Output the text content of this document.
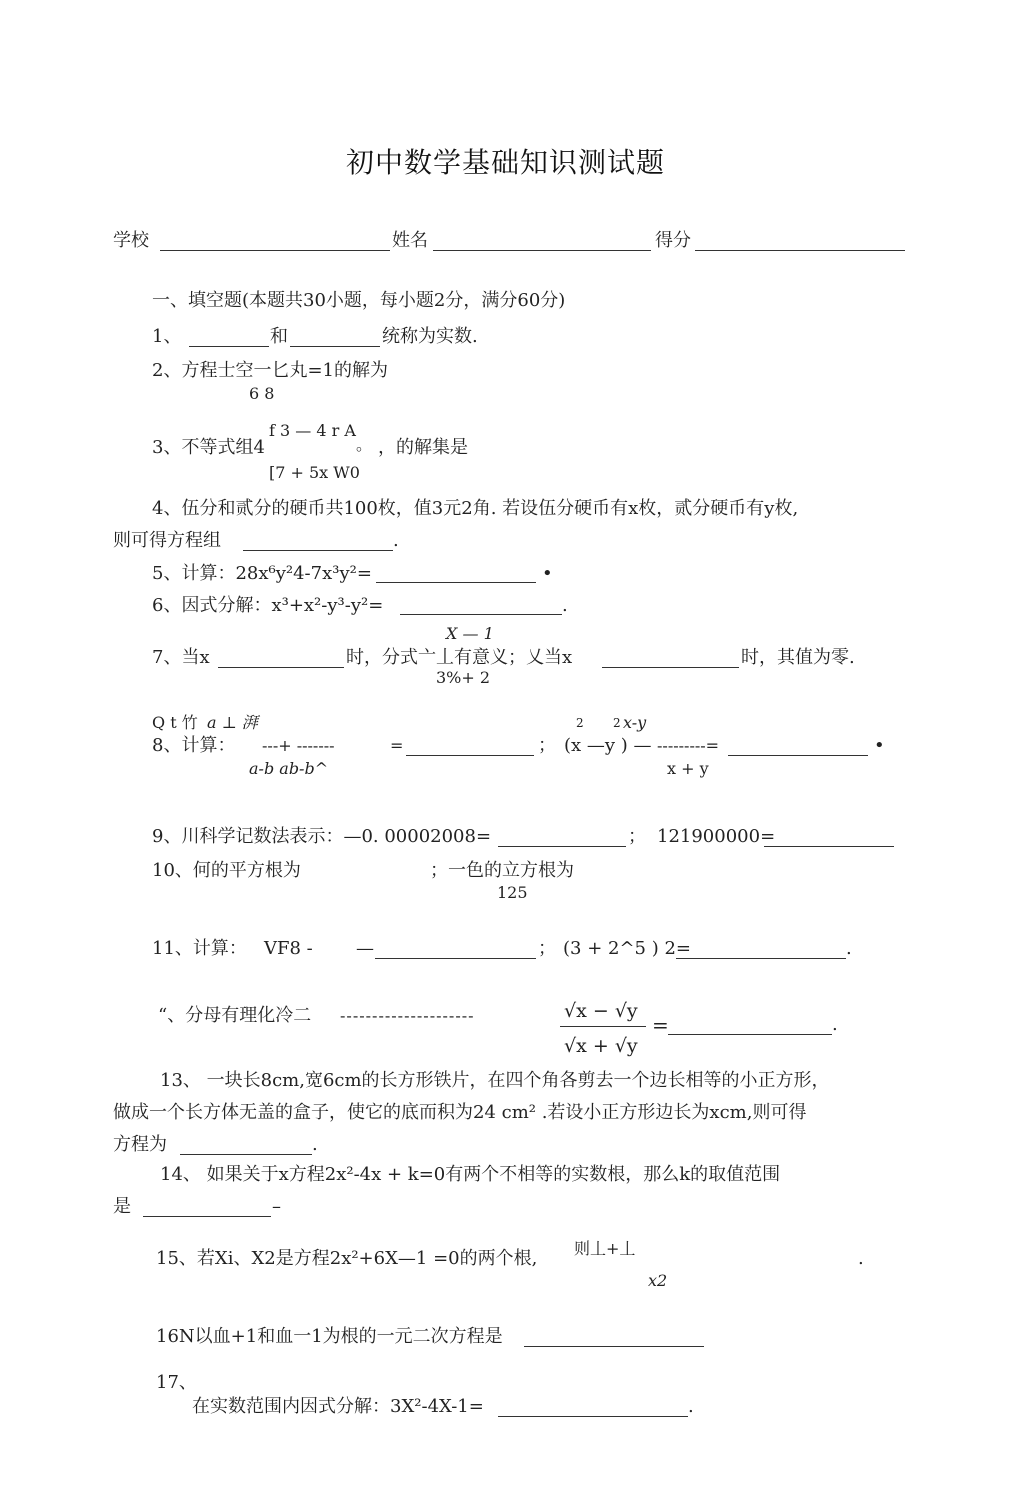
初中数学基础知识测试题
学校	姓名	得分
一、填空题(本题共30小题，每小题2分，满分60分)
1、	和	统称为实数.
2、方程士空一匕丸=1的解为
6 8
f 3 — 4 r A
3、不等式组4	。 ，的解集是
[7 + 5x W0
4、伍分和贰分的硬币共100枚，值3元2角. 若设伍分硬币有x枚，贰分硬币有y枚,
则可得方程组	.
5、计算：28x⁶y²4-7x³y²=	•
6、因式分解：x³+x²-y³-y²=	.
X — 1
7、当x	时，分式亠丄有意义；乂当x	时，其值为零.
3%+ 2
Q t 竹 a ⊥ 湃	2 2 x-y
8、计算： ---+ -------	=	； (x —y ) — ---------=	•
a-b ab-b^	x + y
9、川科学记数法表示：—0. 00002008=	； 121900000=
10、何的平方根为	；一色的立方根为
125
11、计算： VF8 - —	； (3 + 2^5 ) 2=	.
“、分母有理化冷二 ---------------------	√x − √y
√x + √y
=	.
13、 一块长8cm,宽6cm的长方形铁片，在四个角各剪去一个边长相等的小正方形，
做成一个长方体无盖的盒子，使它的底而积为24 cm² .若设小正方形边长为xcm,则可得
方程为	.
14、 如果关于x方程2x²-4x + k=0有两个不相等的实数根，那么k的取值范围
是	–
则丄+丄
15、若Xi、X2是方程2x²+6X—1 =0的两个根,	.
x2
16N以血+1和血一1为根的一元二次方程是
17、
在实数范围内因式分解：3X²-4X-1=	.
